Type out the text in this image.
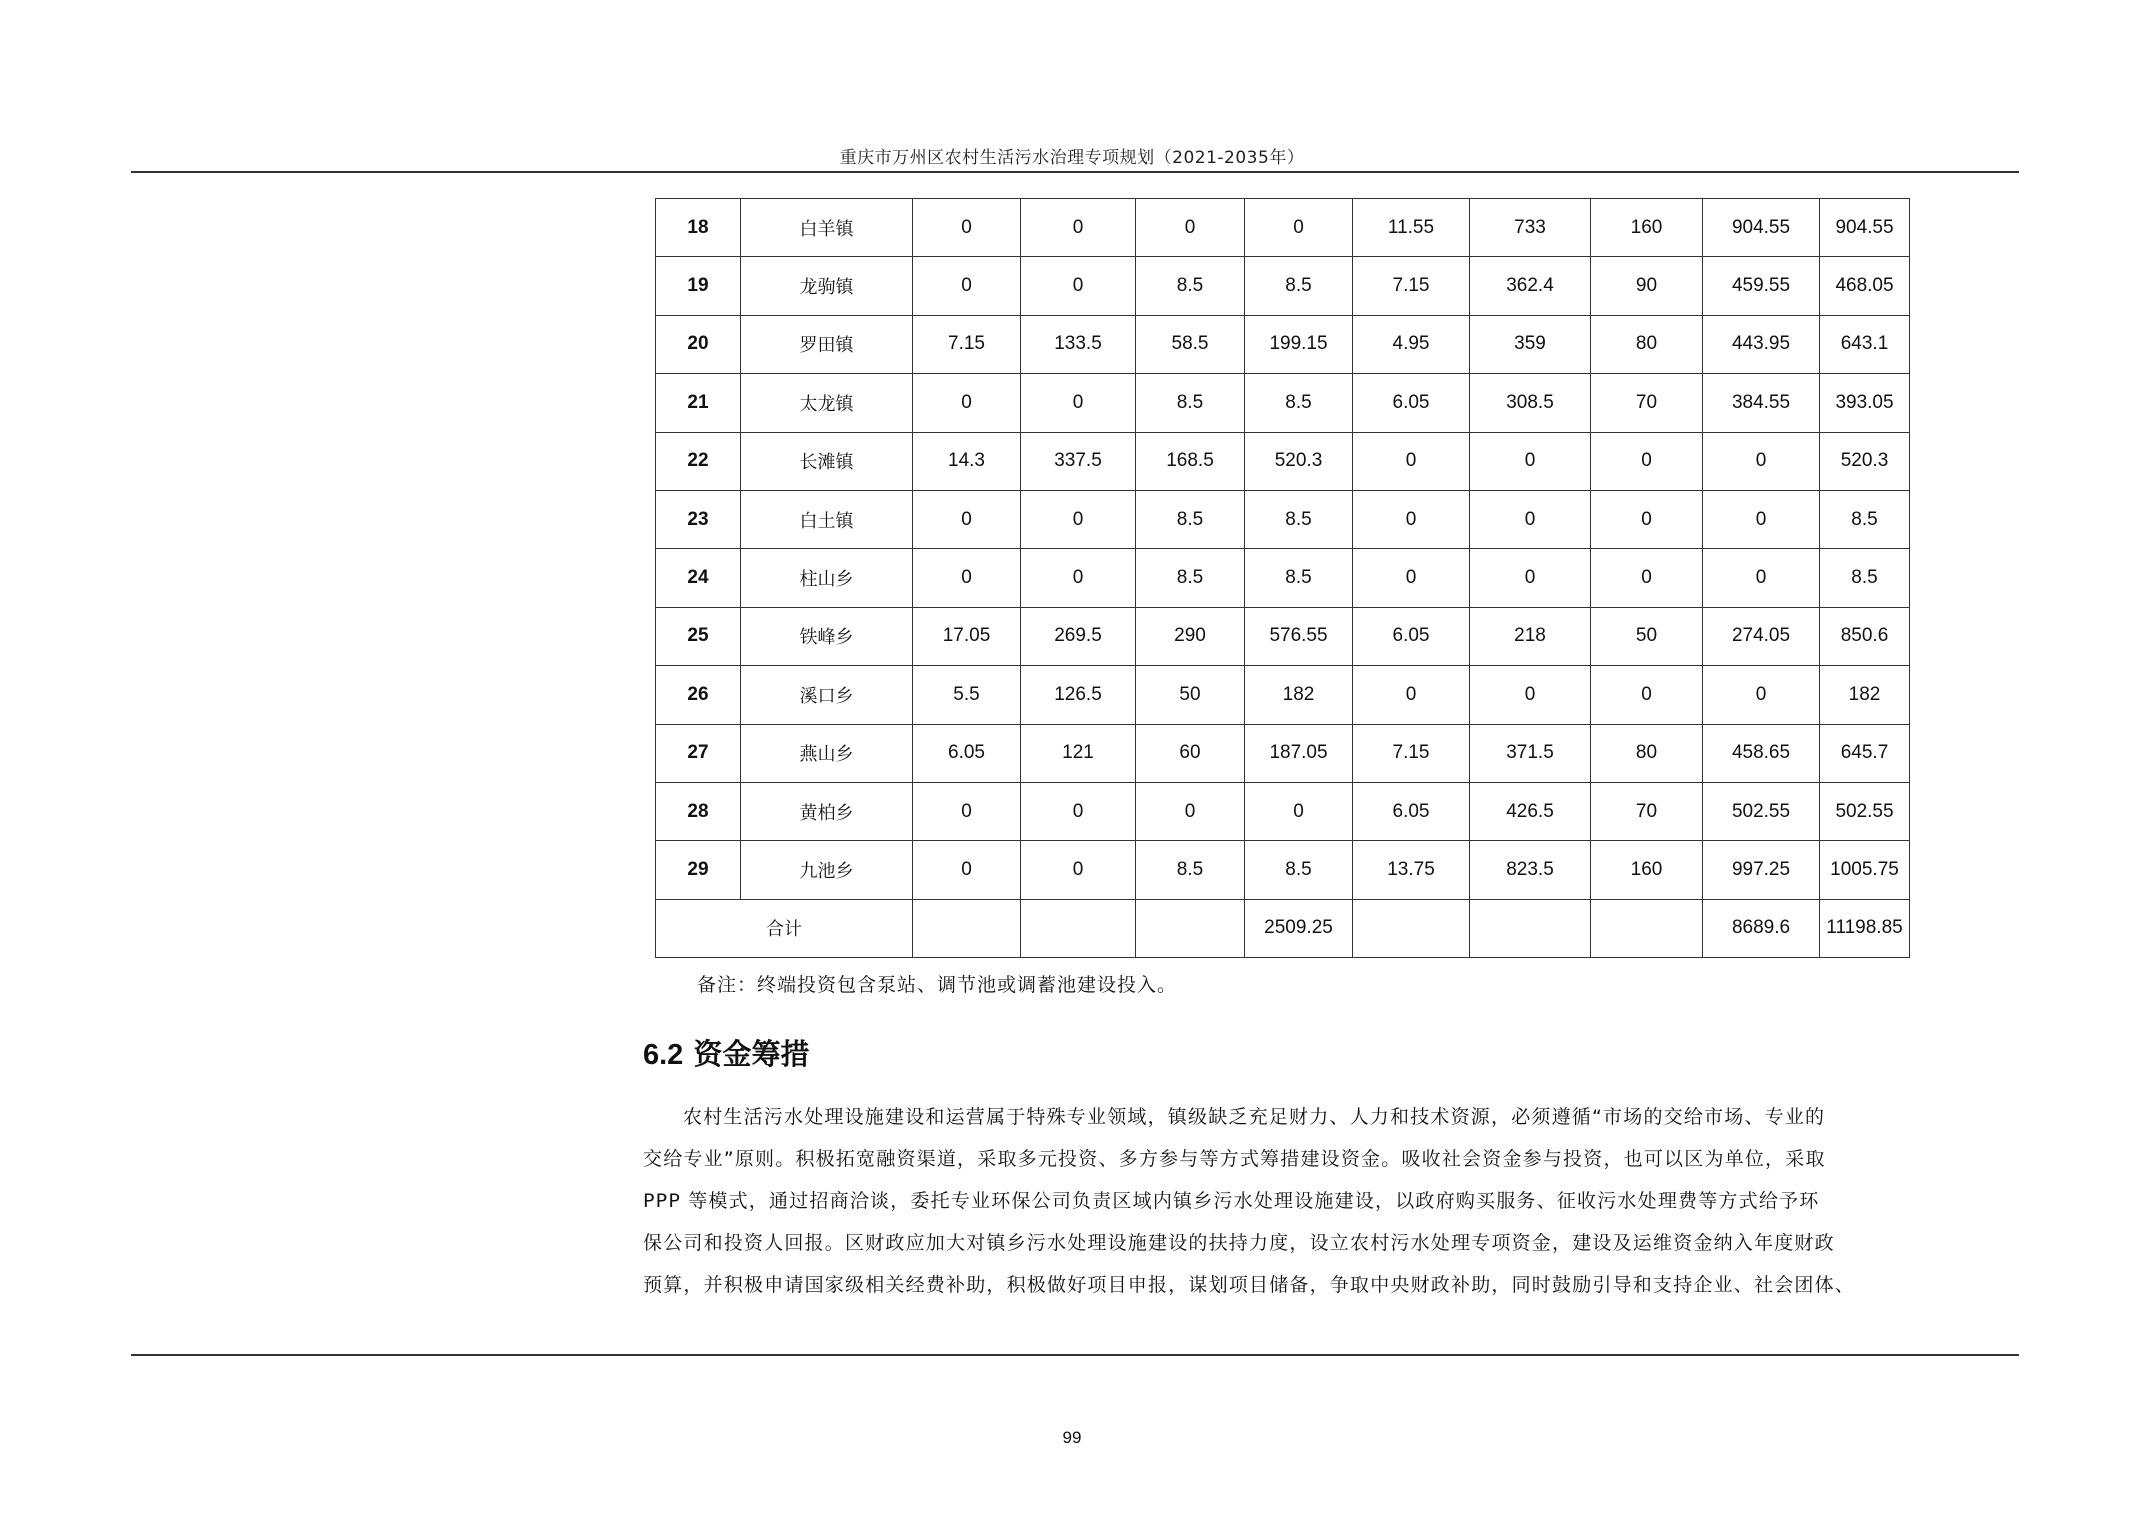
重庆市万州区农村生活污水治理专项规划（2021-2035年）
18	白羊镇	0	0	0	0	11.55	733	160	904.55	904.55
19	龙驹镇	0	0	8.5	8.5	7.15	362.4	90	459.55	468.05
20	罗田镇	7.15	133.5	58.5	199.15	4.95	359	80	443.95	643.1
21	太龙镇	0	0	8.5	8.5	6.05	308.5	70	384.55	393.05
22	长滩镇	14.3	337.5	168.5	520.3	0	0	0	0	520.3
23	白土镇	0	0	8.5	8.5	0	0	0	0	8.5
24	柱山乡	0	0	8.5	8.5	0	0	0	0	8.5
25	铁峰乡	17.05	269.5	290	576.55	6.05	218	50	274.05	850.6
26	溪口乡	5.5	126.5	50	182	0	0	0	0	182
27	燕山乡	6.05	121	60	187.05	7.15	371.5	80	458.65	645.7
28	黄柏乡	0	0	0	0	6.05	426.5	70	502.55	502.55
29	九池乡	0	0	8.5	8.5	13.75	823.5	160	997.25	1005.75
合计					2509.25				8689.6	11198.85
备注：终端投资包含泵站、调节池或调蓄池建设投入。
6.2 资金筹措
农村生活污水处理设施建设和运营属于特殊专业领域，镇级缺乏充足财力、人力和技术资源，必须遵循“市场的交给市场、专业的
交给专业”原则。积极拓宽融资渠道，采取多元投资、多方参与等方式筹措建设资金。吸收社会资金参与投资，也可以区为单位，采取
PPP 等模式，通过招商洽谈，委托专业环保公司负责区域内镇乡污水处理设施建设，以政府购买服务、征收污水处理费等方式给予环
保公司和投资人回报。区财政应加大对镇乡污水处理设施建设的扶持力度，设立农村污水处理专项资金，建设及运维资金纳入年度财政
预算，并积极申请国家级相关经费补助，积极做好项目申报，谋划项目储备，争取中央财政补助，同时鼓励引导和支持企业、社会团体、
99
